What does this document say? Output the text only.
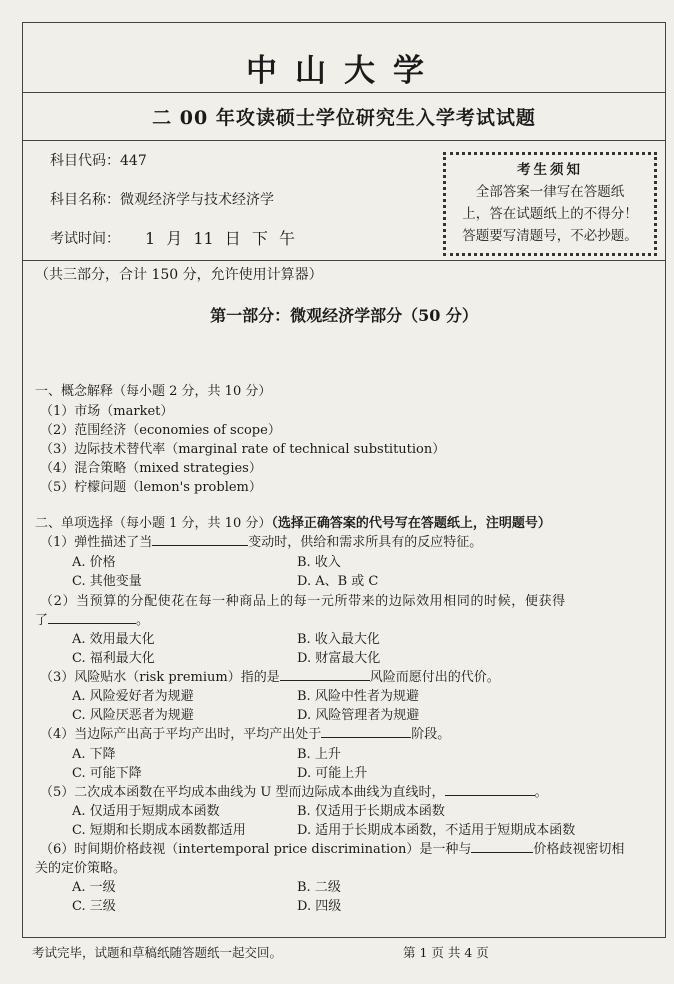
中山大学
二 00 年攻读硕士学位研究生入学考试试题
科目代码：447
科目名称：微观经济学与技术经济学
考试时间： 1 月 11 日 下 午
考生须知
全部答案一律写在答题纸
上，答在试题纸上的不得分！
答题要写清题号，不必抄题。
（共三部分，合计 150 分，允许使用计算器）
第一部分：微观经济学部分（50 分）
一、概念解释（每小题 2 分，共 10 分）
（1）市场（market）
（2）范围经济（economies of scope）
（3）边际技术替代率（marginal rate of technical substitution）
（4）混合策略（mixed strategies）
（5）柠檬问题（lemon's problem）
二、单项选择（每小题 1 分，共 10 分）（选择正确答案的代号写在答题纸上，注明题号）
（1）弹性描述了当	变动时，供给和需求所具有的反应特征。
A. 价格	B. 收入
C. 其他变量	D. A、B 或 C
（2）当预算的分配使花在每一种商品上的每一元所带来的边际效用相同的时候，便获得
了	。
A. 效用最大化	B. 收入最大化
C. 福利最大化	D. 财富最大化
（3）风险贴水（risk premium）指的是	风险而愿付出的代价。
A. 风险爱好者为规避	B. 风险中性者为规避
C. 风险厌恶者为规避	D. 风险管理者为规避
（4）当边际产出高于平均产出时，平均产出处于	阶段。
A. 下降	B. 上升
C. 可能下降	D. 可能上升
（5）二次成本函数在平均成本曲线为 U 型而边际成本曲线为直线时，	。
A. 仅适用于短期成本函数	B. 仅适用于长期成本函数
C. 短期和长期成本函数都适用	D. 适用于长期成本函数，不适用于短期成本函数
（6）时间期价格歧视（intertemporal price discrimination）是一种与	价格歧视密切相
关的定价策略。
A. 一级	B. 二级
C. 三级	D. 四级
考试完毕，试题和草稿纸随答题纸一起交回。	第 1 页 共 4 页
